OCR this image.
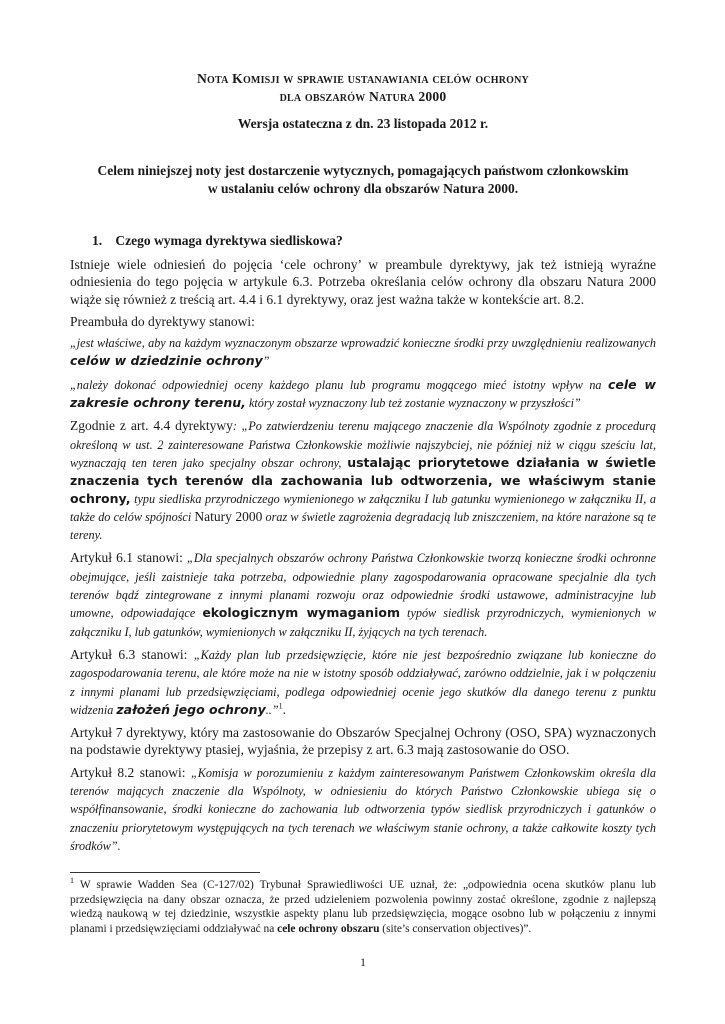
Nota Komisji w sprawie ustanawiania celów ochrony
dla obszarów Natura 2000
Wersja ostateczna z dn. 23 listopada 2012 r.
Celem niniejszej noty jest dostarczenie wytycznych, pomagających państwom członkowskim
w ustalaniu celów ochrony dla obszarów Natura 2000.
1. Czego wymaga dyrektywa siedliskowa?

Istnieje wiele odniesień do pojęcia ‘cele ochrony’ w preambule dyrektywy, jak też istnieją wyraźne odniesienia do tego pojęcia w artykule 6.3. Potrzeba określania celów ochrony dla obszaru Natura 2000 wiąże się również z treścią art. 4.4 i 6.1 dyrektywy, oraz jest ważna także w kontekście art. 8.2.

Preambuła do dyrektywy stanowi:

„jest właściwe, aby na każdym wyznaczonym obszarze wprowadzić konieczne środki przy uwzględnieniu realizowanych celów w dziedzinie ochrony”

„należy dokonać odpowiedniej oceny każdego planu lub programu mogącego mieć istotny wpływ na cele w zakresie ochrony terenu, który został wyznaczony lub też zostanie wyznaczony w przyszłości”

Zgodnie z art. 4.4 dyrektywy: „Po zatwierdzeniu terenu mającego znaczenie dla Wspólnoty zgodnie z procedurą określoną w ust. 2 zainteresowane Państwa Członkowskie możliwie najszybciej, nie później niż w ciągu sześciu lat, wyznaczają ten teren jako specjalny obszar ochrony, ustalając priorytetowe działania w świetle znaczenia tych terenów dla zachowania lub odtworzenia, we właściwym stanie ochrony, typu siedliska przyrodniczego wymienionego w załączniku I lub gatunku wymienionego w załączniku II, a także do celów spójności Natury 2000 oraz w świetle zagrożenia degradacją lub zniszczeniem, na które narażone są te tereny.

Artykuł 6.1 stanowi: „Dla specjalnych obszarów ochrony Państwa Członkowskie tworzą konieczne środki ochronne obejmujące, jeśli zaistnieje taka potrzeba, odpowiednie plany zagospodarowania opracowane specjalnie dla tych terenów bądź zintegrowane z innymi planami rozwoju oraz odpowiednie środki ustawowe, administracyjne lub umowne, odpowiadające ekologicznym wymaganiom typów siedlisk przyrodniczych, wymienionych w załączniku I, lub gatunków, wymienionych w załączniku II, żyjących na tych terenach.

Artykuł 6.3 stanowi: „Każdy plan lub przedsięwzięcie, które nie jest bezpośrednio związane lub konieczne do zagospodarowania terenu, ale które może na nie w istotny sposób oddziaływać, zarówno oddzielnie, jak i w połączeniu z innymi planami lub przedsięwzięciami, podlega odpowiedniej ocenie jego skutków dla danego terenu z punktu widzenia założeń jego ochrony..”$^1$.

Artykuł 7 dyrektywy, który ma zastosowanie do Obszarów Specjalnej Ochrony (OSO, SPA) wyznaczonych na podstawie dyrektywy ptasiej, wyjaśnia, że przepisy z art. 6.3 mają zastosowanie do OSO.

Artykuł 8.2 stanowi: „Komisja w porozumieniu z każdym zainteresowanym Państwem Członkowskim określa dla terenów mających znaczenie dla Wspólnoty, w odniesieniu do których Państwo Członkowskie ubiega się o współfinansowanie, środki konieczne do zachowania lub odtworzenia typów siedlisk przyrodniczych i gatunków o znaczeniu priorytetowym występujących na tych terenach we właściwym stanie ochrony, a także całkowite koszty tych środków”.

$^1$ W sprawie Wadden Sea (C-127/02) Trybunał Sprawiedliwości UE uznał, że: „odpowiednia ocena skutków planu lub przedsięwzięcia na dany obszar oznacza, że przed udzieleniem pozwolenia powinny zostać określone, zgodnie z najlepszą wiedzą naukową w tej dziedzinie, wszystkie aspekty planu lub przedsięwzięcia, mogące osobno lub w połączeniu z innymi planami i przedsięwzięciami oddziaływać na cele ochrony obszaru (site’s conservation objectives)”.
1
